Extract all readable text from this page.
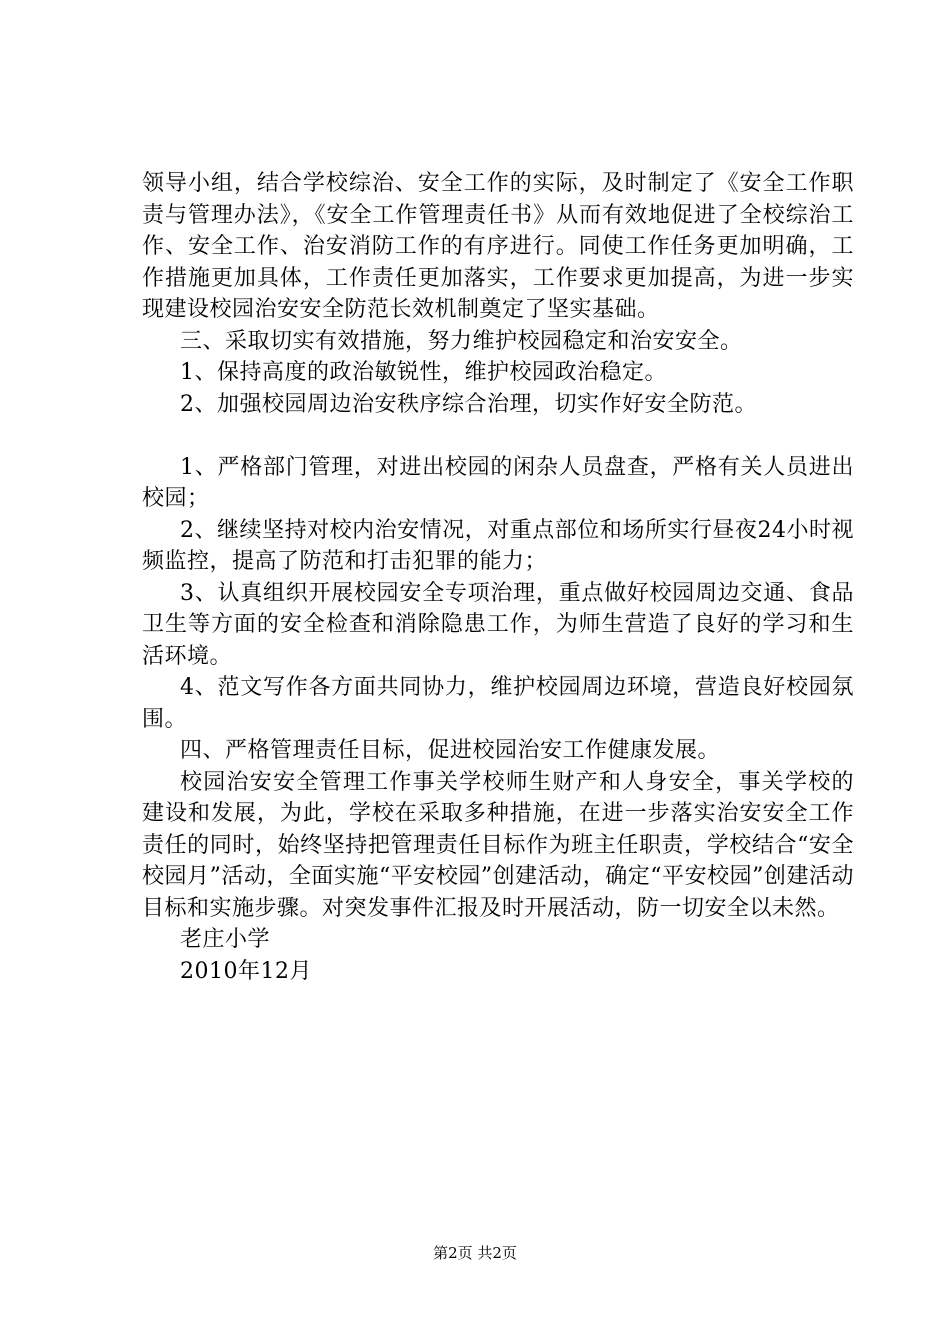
领导小组，结合学校综治、安全工作的实际，及时制定了《安全工作职责与管理办法》，《安全工作管理责任书》从而有效地促进了全校综治工作、安全工作、治安消防工作的有序进行。同使工作任务更加明确，工作措施更加具体，工作责任更加落实，工作要求更加提高，为进一步实现建设校园治安安全防范长效机制奠定了坚实基础。

三、采取切实有效措施，努力维护校园稳定和治安安全。

1、保持高度的政治敏锐性，维护校园政治稳定。

2、加强校园周边治安秩序综合治理，切实作好安全防范。

1、严格部门管理，对进出校园的闲杂人员盘查，严格有关人员进出校园；

2、继续坚持对校内治安情况，对重点部位和场所实行昼夜24小时视频监控，提高了防范和打击犯罪的能力；

3、认真组织开展校园安全专项治理，重点做好校园周边交通、食品卫生等方面的安全检查和消除隐患工作，为师生营造了良好的学习和生活环境。

4、范文写作各方面共同协力，维护校园周边环境，营造良好校园氛围。

四、严格管理责任目标，促进校园治安工作健康发展。

校园治安安全管理工作事关学校师生财产和人身安全，事关学校的建设和发展，为此，学校在采取多种措施，在进一步落实治安安全工作责任的同时，始终坚持把管理责任目标作为班主任职责，学校结合“安全校园月”活动，全面实施“平安校园”创建活动，确定“平安校园”创建活动目标和实施步骤。对突发事件汇报及时开展活动，防一切安全以未然。

老庄小学

2010年12月

第2页 共2页
